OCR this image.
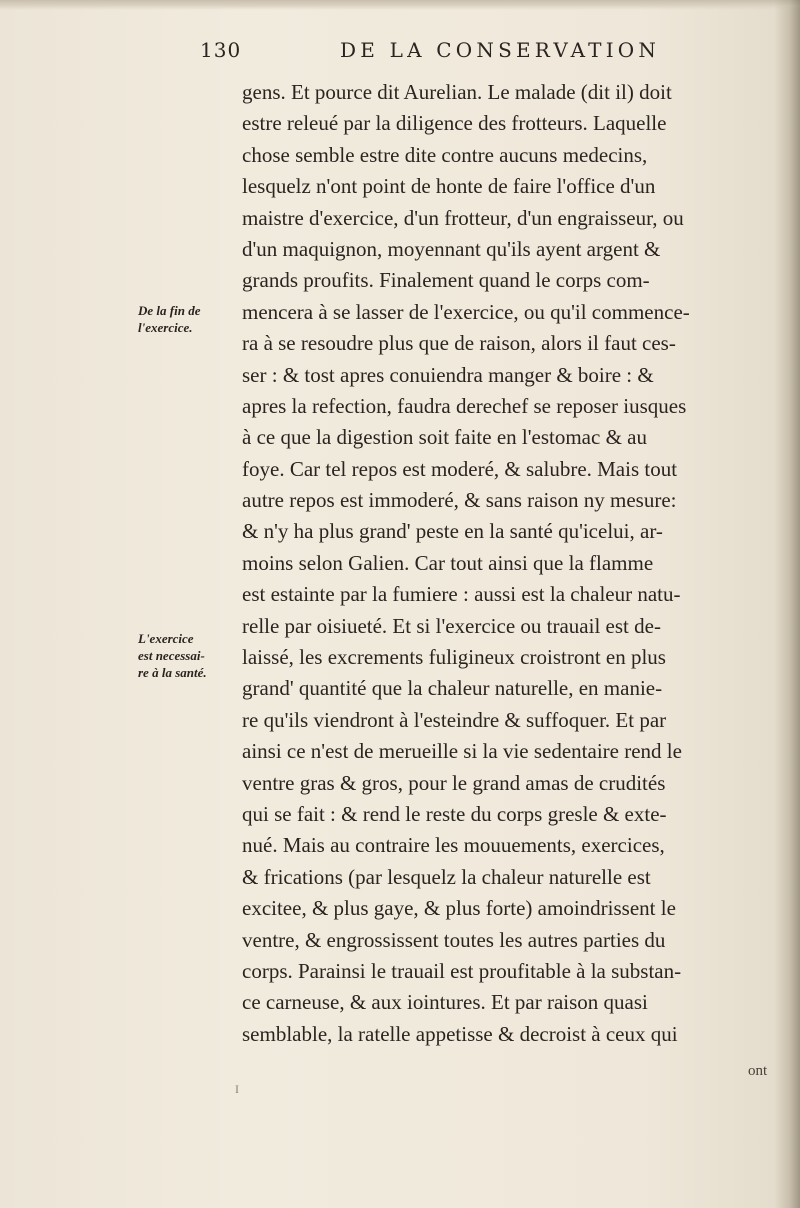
130	DE LA CONSERVATION
De la fin de
l'exercice.
L'exercice
est necessai-
re à la santé.
gens. Et pource dit Aurelian. Le malade (dit il) doit
estre releué par la diligence des frotteurs. Laquelle
chose semble estre dite contre aucuns medecins,
lesquelz n'ont point de honte de faire l'office d'un
maistre d'exercice, d'un frotteur, d'un engraisseur, ou
d'un maquignon, moyennant qu'ils ayent argent &
grands proufits. Finalement quand le corps com-
mencera à se lasser de l'exercice, ou qu'il commence-
ra à se resoudre plus que de raison, alors il faut ces-
ser : & tost apres conuiendra manger & boire : &
apres la refection, faudra derechef se reposer iusques
à ce que la digestion soit faite en l'estomac & au
foye. Car tel repos est moderé, & salubre. Mais tout
autre repos est immoderé, & sans raison ny mesure:
& n'y ha plus grand' peste en la santé qu'icelui, ar-
moins selon Galien. Car tout ainsi que la flamme
est estainte par la fumiere : aussi est la chaleur natu-
relle par oisiueté. Et si l'exercice ou trauail est de-
laissé, les excrements fuligineux croistront en plus
grand' quantité que la chaleur naturelle, en manie-
re qu'ils viendront à l'esteindre & suffoquer. Et par
ainsi ce n'est de merueille si la vie sedentaire rend le
ventre gras & gros, pour le grand amas de crudités
qui se fait : & rend le reste du corps gresle & exte-
nué. Mais au contraire les mouuements, exercices,
& frications (par lesquelz la chaleur naturelle est
excitee, & plus gaye, & plus forte) amoindrissent le
ventre, & engrossissent toutes les autres parties du
corps. Parainsi le trauail est proufitable à la substan-
ce carneuse, & aux iointures. Et par raison quasi
semblable, la ratelle appetisse & decroist à ceux qui
ont
I
